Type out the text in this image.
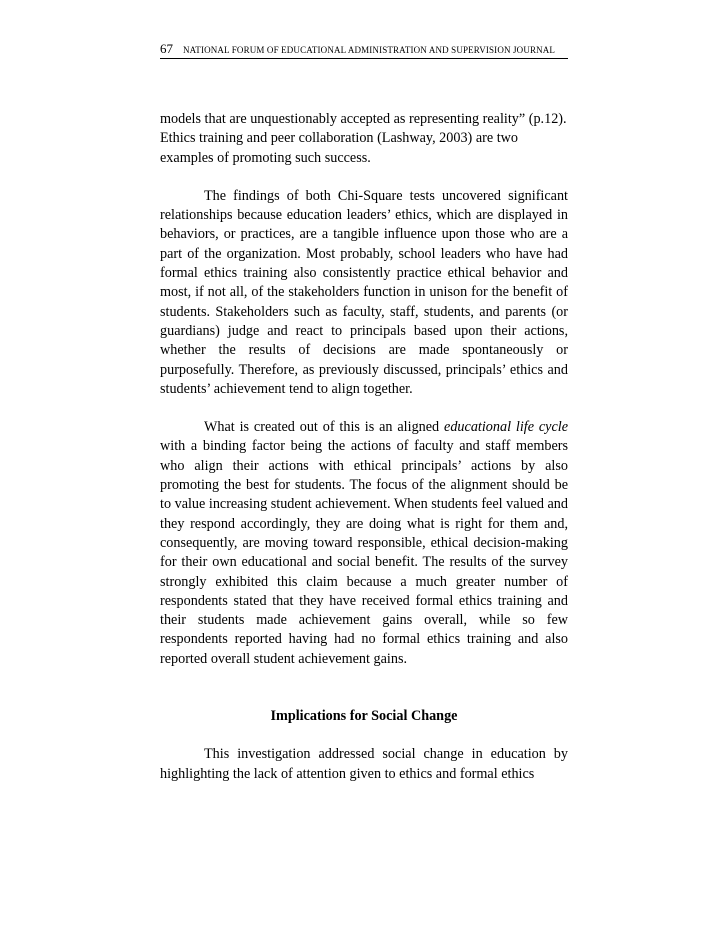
67 NATIONAL FORUM OF EDUCATIONAL ADMINISTRATION AND SUPERVISION JOURNAL

models that are unquestionably accepted as representing reality” (p.12).

Ethics training and peer collaboration (Lashway, 2003) are two examples of promoting such success.

The findings of both Chi-Square tests uncovered significant relationships because education leaders’ ethics, which are displayed in behaviors, or practices, are a tangible influence upon those who are a part of the organization. Most probably, school leaders who have had formal ethics training also consistently practice ethical behavior and most, if not all, of the stakeholders function in unison for the benefit of students. Stakeholders such as faculty, staff, students, and parents (or guardians) judge and react to principals based upon their actions, whether the results of decisions are made spontaneously or purposefully. Therefore, as previously discussed, principals’ ethics and students’ achievement tend to align together.

What is created out of this is an aligned educational life cycle with a binding factor being the actions of faculty and staff members who align their actions with ethical principals’ actions by also promoting the best for students. The focus of the alignment should be to value increasing student achievement. When students feel valued and they respond accordingly, they are doing what is right for them and, consequently, are moving toward responsible, ethical decision-making for their own educational and social benefit. The results of the survey strongly exhibited this claim because a much greater number of respondents stated that they have received formal ethics training and their students made achievement gains overall, while so few respondents reported having had no formal ethics training and also reported overall student achievement gains.

Implications for Social Change

This investigation addressed social change in education by highlighting the lack of attention given to ethics and formal ethics
